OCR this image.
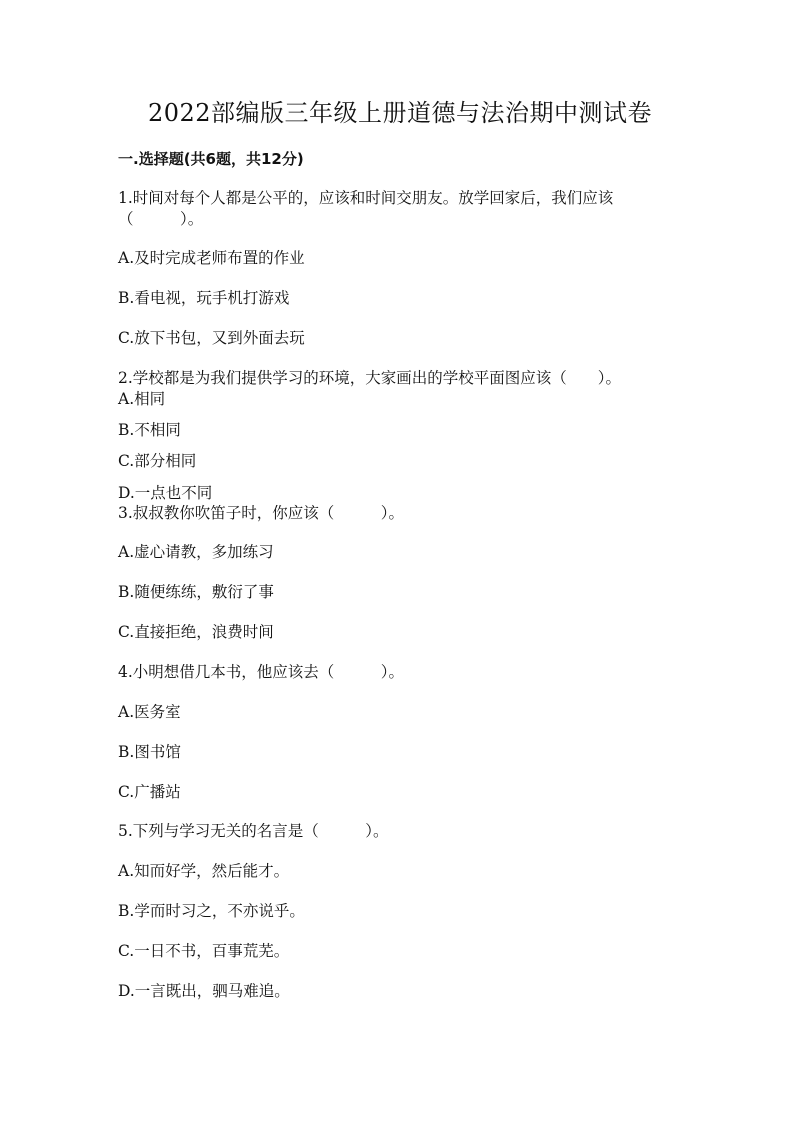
2022部编版三年级上册道德与法治期中测试卷
一.选择题(共6题，共12分)
1.时间对每个人都是公平的，应该和时间交朋友。放学回家后，我们应该
（　　　）。
A.及时完成老师布置的作业
B.看电视，玩手机打游戏
C.放下书包，又到外面去玩
2.学校都是为我们提供学习的环境，大家画出的学校平面图应该（　　）。
A.相同
B.不相同
C.部分相同
D.一点也不同
3.叔叔教你吹笛子时，你应该（　　　）。
A.虚心请教，多加练习
B.随便练练，敷衍了事
C.直接拒绝，浪费时间
4.小明想借几本书，他应该去（　　　）。
A.医务室
B.图书馆
C.广播站
5.下列与学习无关的名言是（　　　）。
A.知而好学，然后能才。
B.学而时习之，不亦说乎。
C.一日不书，百事荒芜。
D.一言既出，驷马难追。
